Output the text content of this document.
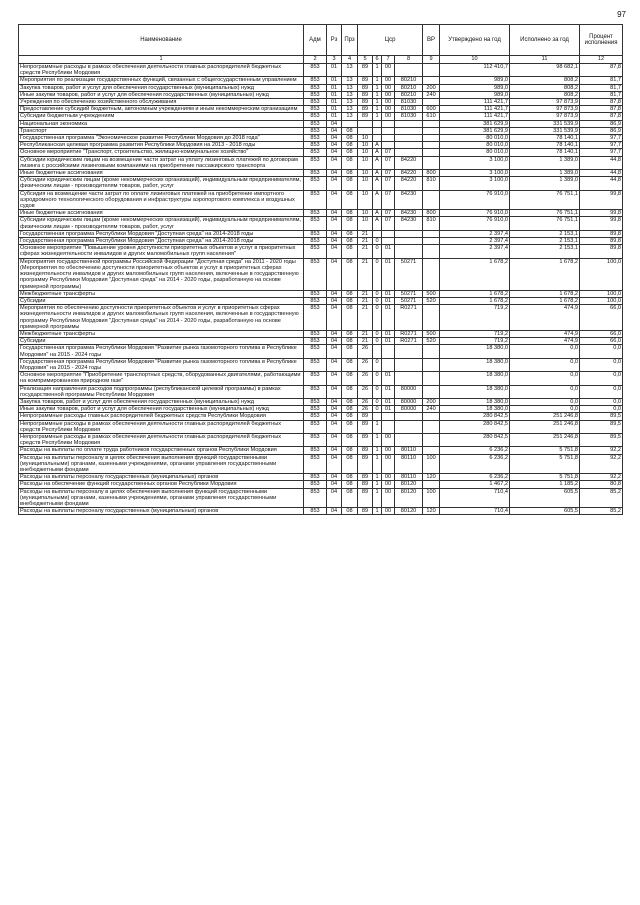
97
Наименование	Адм	Рз	Прз	Цср				ВР	Утверждено на год	Исполнено за год	Процент исполнения
1	2	3	4	5	6	7	8	9	10	11	12
Непрограммные расходы в рамках обеспечения деятельности главных распорядителей бюджетных средств Республики Мордовия	853	01	13	89	1	00			112 410,7	98 682,1	87,8
Мероприятия по реализации государственных функций, связанных с общегосударственным управлением	853	01	13	89	1	00	80210		989,0	808,2	81,7
Закупка товаров, работ и услуг для обеспечения государственных (муниципальных) нужд	853	01	13	89	1	00	80210	200	989,0	808,2	81,7
Иные закупки товаров, работ и услуг для обеспечения государственных (муниципальных) нужд	853	01	13	89	1	00	80210	240	989,0	808,2	81,7
Учреждения по обеспечению хозяйственного обслуживания	853	01	13	89	1	00	81030		111 421,7	97 873,9	87,8
Предоставление субсидий бюджетным, автономным учреждениям и иным некоммерческим организациям	853	01	13	89	1	00	81030	600	111 421,7	97 873,9	87,8
Субсидии бюджетным учреждениям	853	01	13	89	1	00	81030	610	111 421,7	97 873,9	87,8
Национальная экономика	853	04							381 629,9	331 539,9	86,9
Транспорт	853	04	08						381 629,9	331 539,9	86,9
Государственная программа "Экономическое развитие Республики Мордовия до 2018 года"	853	04	08	10					80 010,0	78 140,1	97,7
Республиканская целевая программа развития Республики Мордовия на 2013 - 2018 годы	853	04	08	10	А				80 010,0	78 140,1	97,7
Основное мероприятие "Транспорт, строительство, жилищно-коммунальное хозяйство"	853	04	08	10	А	07			80 010,0	78 140,1	97,7
Субсидии юридическим лицам на возмещение части затрат на уплату лизинговых платежей по договорам лизинга с российскими лизинговыми компаниями на приобретение пассажирского транспорта	853	04	08	10	А	07	84220		3 100,0	1 389,0	44,8
Иные бюджетные ассигнования	853	04	08	10	А	07	84220	800	3 100,0	1 389,0	44,8
Субсидии юридическим лицам (кроме некоммерческих организаций), индивидуальным предпринимателям, физическим лицам - производителям товаров, работ, услуг	853	04	08	10	А	07	84220	810	3 100,0	1 389,0	44,8
Субсидия на возмещение части затрат по оплате лизинговых платежей на приобретение импортного аэродромного технологического оборудования и инфраструктуры аэропортового комплекса и воздушных судов	853	04	08	10	А	07	84230		76 910,0	76 751,1	99,8
Иные бюджетные ассигнования	853	04	08	10	А	07	84230	800	76 910,0	76 751,1	99,8
Субсидии юридическим лицам (кроме некоммерческих организаций), индивидуальным предпринимателям, физическим лицам - производителям товаров, работ, услуг	853	04	08	10	А	07	84230	810	76 910,0	76 751,1	99,8
Государственная программа Республики Мордовия "Доступная среда" на 2014-2018 годы	853	04	08	21					2 397,4	2 153,1	89,8
Государственная программа Республики Мордовия "Доступная среда" на 2014-2018 годы	853	04	08	21	0				2 397,4	2 153,1	89,8
Основное мероприятие "Повышение уровня доступности приоритетных объектов и услуг в приоритетных сферах жизнедеятельности инвалидов и других маломобильных групп населения"	853	04	08	21	0	01			2 397,4	2 153,1	89,8
Мероприятия государственной программы Российской Федерации "Доступная среда" на 2011 - 2020 годы (Мероприятия по обеспечению доступности приоритетных объектов и услуг в приоритетных сферах жизнедеятельности инвалидов и других маломобильных групп населения, включенные в государственную программу Республики Мордовия "Доступная среда" на 2014 - 2020 годы, разработанную на основе примерной программы)	853	04	08	21	0	01	50271		1 678,2	1 678,2	100,0
Межбюджетные трансферты	853	04	08	21	0	01	50271	500	1 678,2	1 678,2	100,0
Субсидии	853	04	08	21	0	01	50271	520	1 678,2	1 678,2	100,0
Мероприятия по обеспечению доступности приоритетных объектов и услуг в приоритетных сферах жизнедеятельности инвалидов и других маломобильных групп населения, включенные в государственную программу Республики Мордовия "Доступная среда" на 2014 - 2020 годы, разработанную на основе примерной программы	853	04	08	21	0	01	R0271		719,2	474,9	66,0
Межбюджетные трансферты	853	04	08	21	0	01	R0271	500	719,2	474,9	66,0
Субсидии	853	04	08	21	0	01	R0271	520	719,2	474,9	66,0
Государственная программа Республики Мордовия "Развитие рынка газомоторного топлива в Республике Мордовия" на 2015 - 2024 годы	853	04	08	26					18 380,0	0,0	0,0
Государственная программа Республики Мордовия "Развитие рынка газомоторного топлива в Республике Мордовия" на 2015 - 2024 годы	853	04	08	26	0				18 380,0	0,0	0,0
Основное мероприятие "Приобретение транспортных средств, оборудованных двигателями, работающими на компримированном природном газе"	853	04	08	26	0	01			18 380,0	0,0	0,0
Реализация направления расходов подпрограммы (республиканской целевой программы) в рамках государственной программы Республики Мордовия	853	04	08	26	0	01	80000		18 380,0	0,0	0,0
Закупка товаров, работ и услуг для обеспечения государственных (муниципальных) нужд	853	04	08	26	0	01	80000	200	18 380,0	0,0	0,0
Иные закупки товаров, работ и услуг для обеспечения государственных (муниципальных) нужд	853	04	08	26	0	01	80000	240	18 380,0	0,0	0,0
Непрограммные расходы главных распорядителей бюджетных средств Республики Мордовия	853	04	08	89					280 842,5	251 246,8	89,5
Непрограммные расходы в рамках обеспечения деятельности главных распорядителей бюджетных средств Республики Мордовия	853	04	08	89	1				280 842,5	251 246,8	89,5
Непрограммные расходы в рамках обеспечения деятельности главных распорядителей бюджетных средств Республики Мордовия	853	04	08	89	1	00			280 842,5	251 246,8	89,5
Расходы на выплаты по оплате труда работников государственных органов Республики Мордовия	853	04	08	89	1	00	80110		6 236,2	5 751,8	92,2
Расходы на выплаты персоналу в целях обеспечения выполнения функций государственными (муниципальными) органами, казенными учреждениями, органами управления государственными внебюджетными фондами	853	04	08	89	1	00	80110	100	6 236,2	5 751,8	92,2
Расходы на выплаты персоналу государственных (муниципальных) органов	853	04	08	89	1	00	80110	120	6 236,2	5 751,8	92,2
Расходы на обеспечение функций государственных органов Республики Мордовия	853	04	08	89	1	00	80120		1 467,2	1 185,2	80,8
Расходы на выплаты персоналу в целях обеспечения выполнения функций государственными (муниципальными) органами, казенными учреждениями, органами управления государственными внебюджетными фондами	853	04	08	89	1	00	80120	100	710,4	605,5	85,2
Расходы на выплаты персоналу государственных (муниципальных) органов	853	04	08	89	1	00	80120	120	710,4	605,5	85,2
